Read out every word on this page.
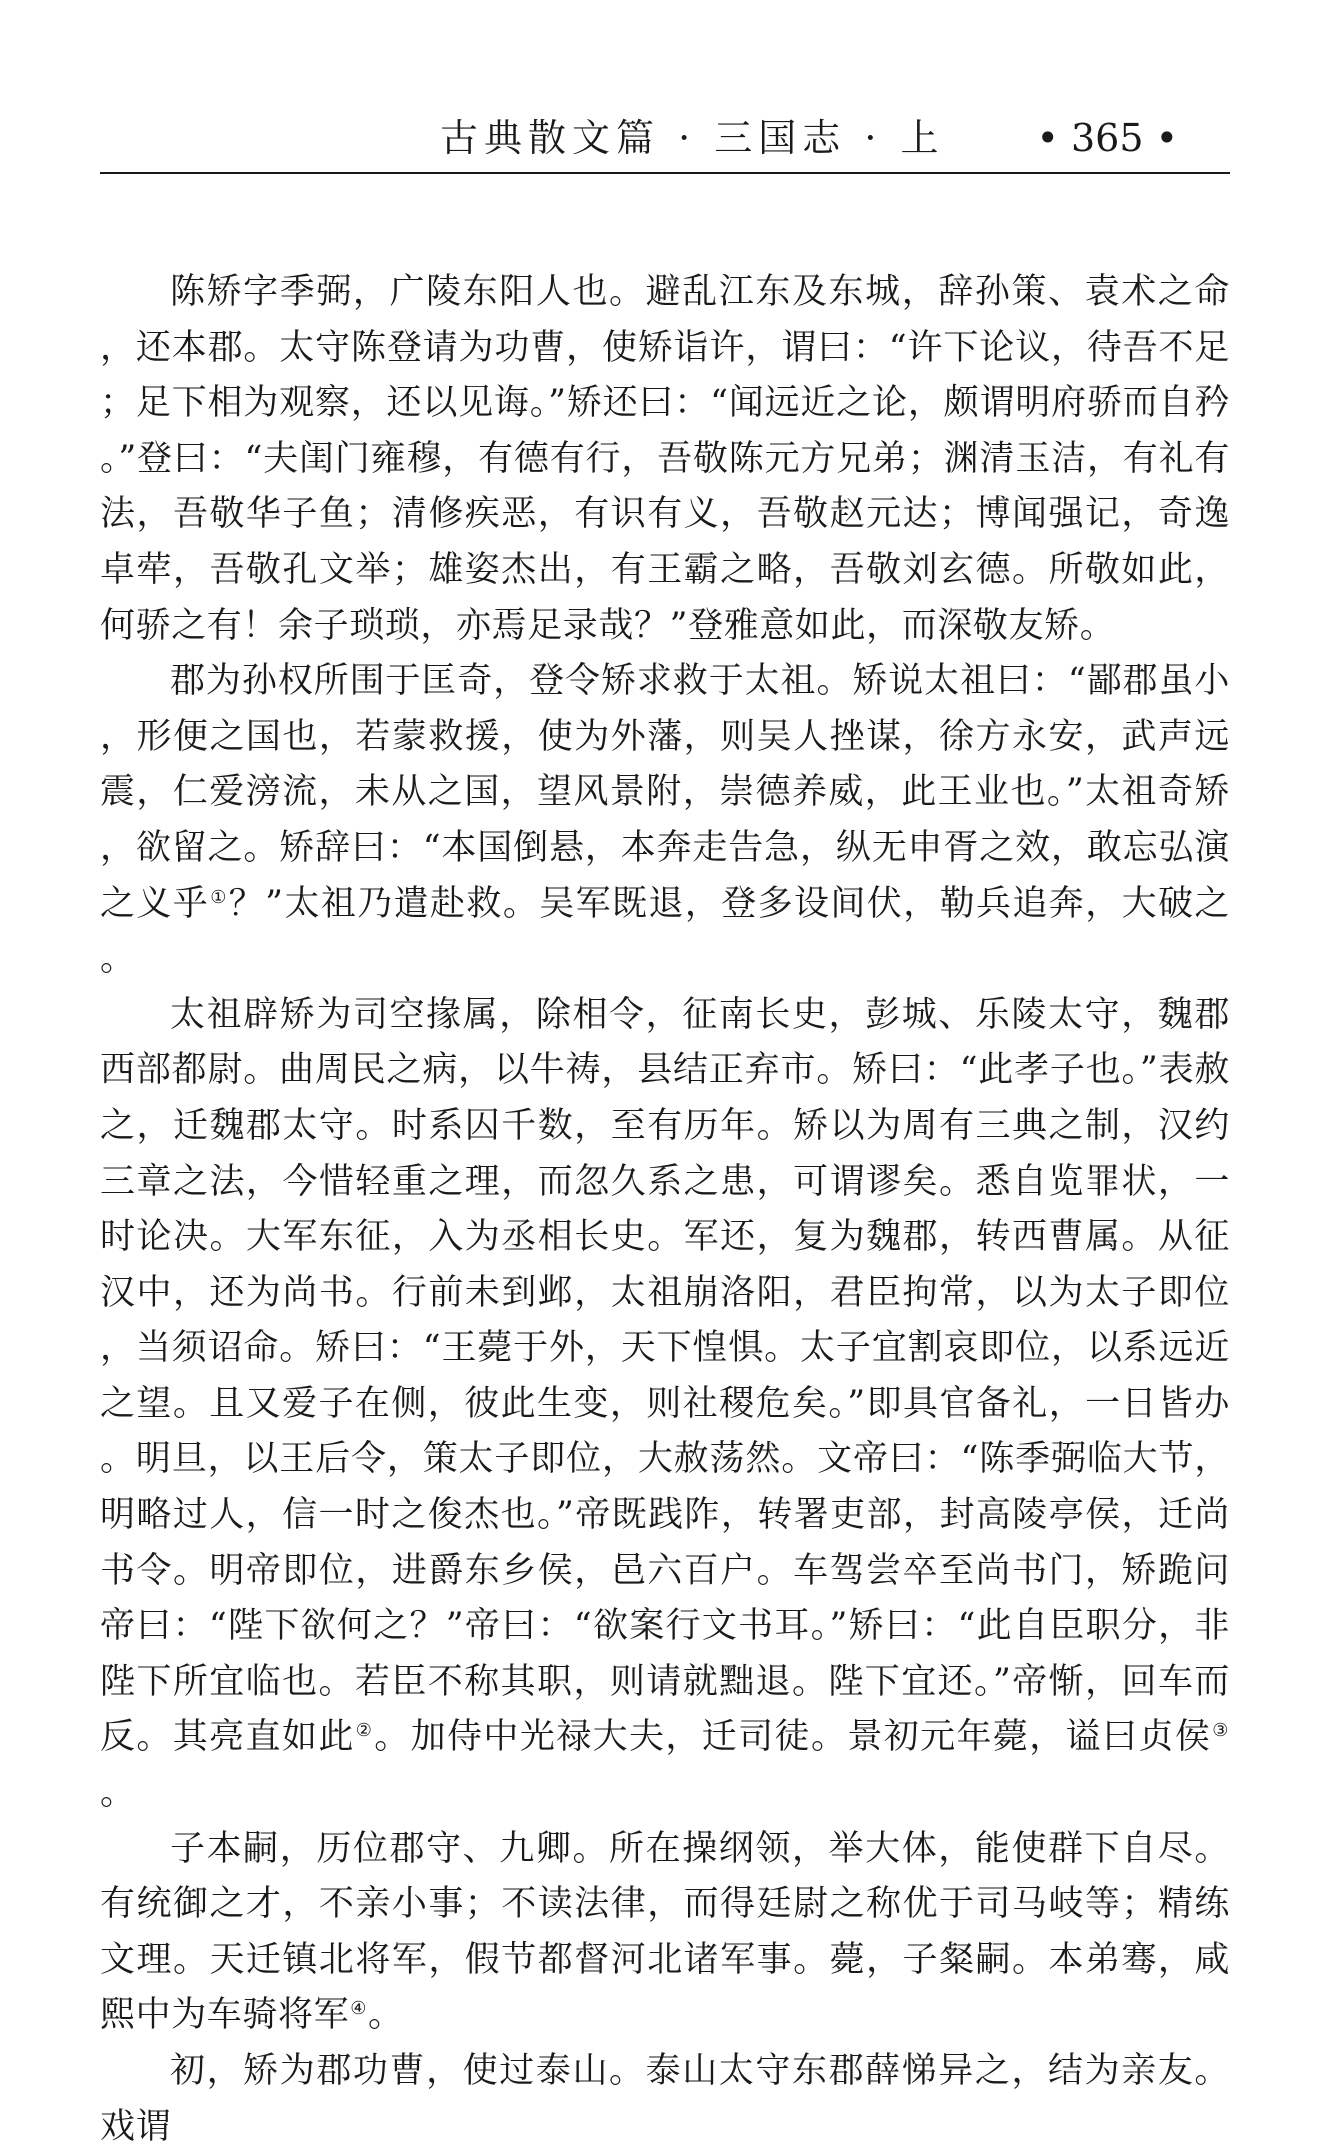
古典散文篇 · 三国志 · 上 • 365 •

陈矫字季弼，广陵东阳人也。避乱江东及东城，辞孙策、袁术之命，还本郡。太守陈登请为功曹，使矫诣许，谓曰：“许下论议，待吾不足；足下相为观察，还以见诲。”矫还曰：“闻远近之论，颇谓明府骄而自矜。”登曰：“夫闺门雍穆，有德有行，吾敬陈元方兄弟；渊清玉洁，有礼有法，吾敬华子鱼；清修疾恶，有识有义，吾敬赵元达；博闻强记，奇逸卓荦，吾敬孔文举；雄姿杰出，有王霸之略，吾敬刘玄德。所敬如此，何骄之有！余子琐琐，亦焉足录哉？”登雅意如此，而深敬友矫。

郡为孙权所围于匡奇，登令矫求救于太祖。矫说太祖曰：“鄙郡虽小，形便之国也，若蒙救援，使为外藩，则吴人挫谋，徐方永安，武声远震，仁爱滂流，未从之国，望风景附，崇德养威，此王业也。”太祖奇矫，欲留之。矫辞曰：“本国倒悬，本奔走告急，纵无申胥之效，敢忘弘演之义乎①？”太祖乃遣赴救。吴军既退，登多设间伏，勒兵追奔，大破之。

太祖辟矫为司空掾属，除相令，征南长史，彭城、乐陵太守，魏郡西部都尉。曲周民之病，以牛祷，县结正弃市。矫曰：“此孝子也。”表赦之，迁魏郡太守。时系囚千数，至有历年。矫以为周有三典之制，汉约三章之法，今惜轻重之理，而忽久系之患，可谓谬矣。悉自览罪状，一时论决。大军东征，入为丞相长史。军还，复为魏郡，转西曹属。从征汉中，还为尚书。行前未到邺，太祖崩洛阳，君臣拘常，以为太子即位，当须诏命。矫曰：“王薨于外，天下惶惧。太子宜割哀即位，以系远近之望。且又爱子在侧，彼此生变，则社稷危矣。”即具官备礼，一日皆办。明旦，以王后令，策太子即位，大赦荡然。文帝曰：“陈季弼临大节，明略过人，信一时之俊杰也。”帝既践阼，转署吏部，封高陵亭侯，迁尚书令。明帝即位，进爵东乡侯，邑六百户。车驾尝卒至尚书门，矫跪问帝曰：“陛下欲何之？”帝曰：“欲案行文书耳。”矫曰：“此自臣职分，非陛下所宜临也。若臣不称其职，则请就黜退。陛下宜还。”帝惭，回车而反。其亮直如此②。加侍中光禄大夫，迁司徒。景初元年薨，谥曰贞侯③。

子本嗣，历位郡守、九卿。所在操纲领，举大体，能使群下自尽。有统御之才，不亲小事；不读法律，而得廷尉之称优于司马岐等；精练文理。天迁镇北将军，假节都督河北诸军事。薨，子粲嗣。本弟骞，咸熙中为车骑将军④。

初，矫为郡功曹，使过泰山。泰山太守东郡薛悌异之，结为亲友。戏谓
